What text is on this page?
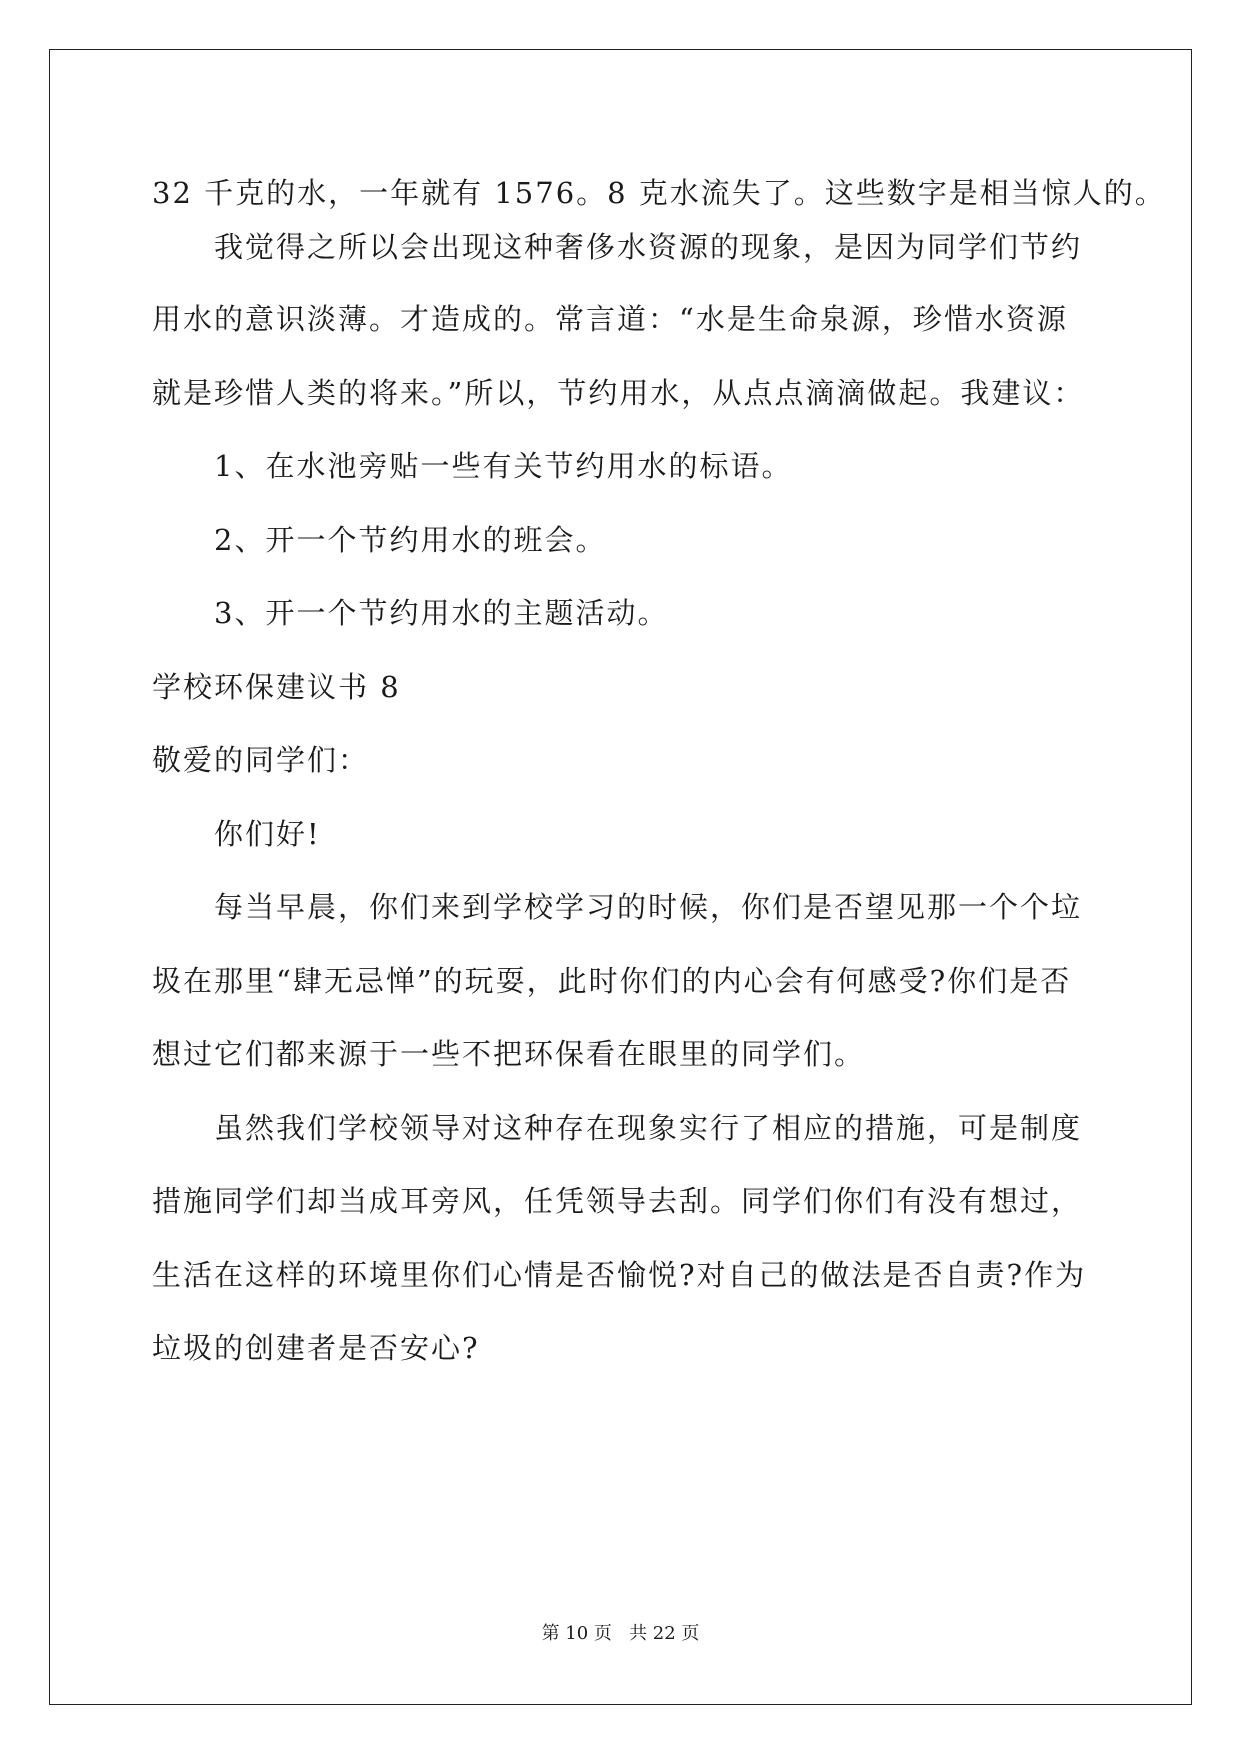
32 千克的水，一年就有 1576。8 克水流失了。这些数字是相当惊人的。
我觉得之所以会出现这种奢侈水资源的现象，是因为同学们节约
用水的意识淡薄。才造成的。常言道：“水是生命泉源，珍惜水资源
就是珍惜人类的将来。”所以，节约用水，从点点滴滴做起。我建议：
1、在水池旁贴一些有关节约用水的标语。
2、开一个节约用水的班会。
3、开一个节约用水的主题活动。
学校环保建议书 8
敬爱的同学们：
你们好!
每当早晨，你们来到学校学习的时候，你们是否望见那一个个垃
圾在那里“肆无忌惮”的玩耍，此时你们的内心会有何感受?你们是否
想过它们都来源于一些不把环保看在眼里的同学们。
虽然我们学校领导对这种存在现象实行了相应的措施，可是制度
措施同学们却当成耳旁风，任凭领导去刮。同学们你们有没有想过，
生活在这样的环境里你们心情是否愉悦?对自己的做法是否自责?作为
垃圾的创建者是否安心?
第 10 页   共 22 页
